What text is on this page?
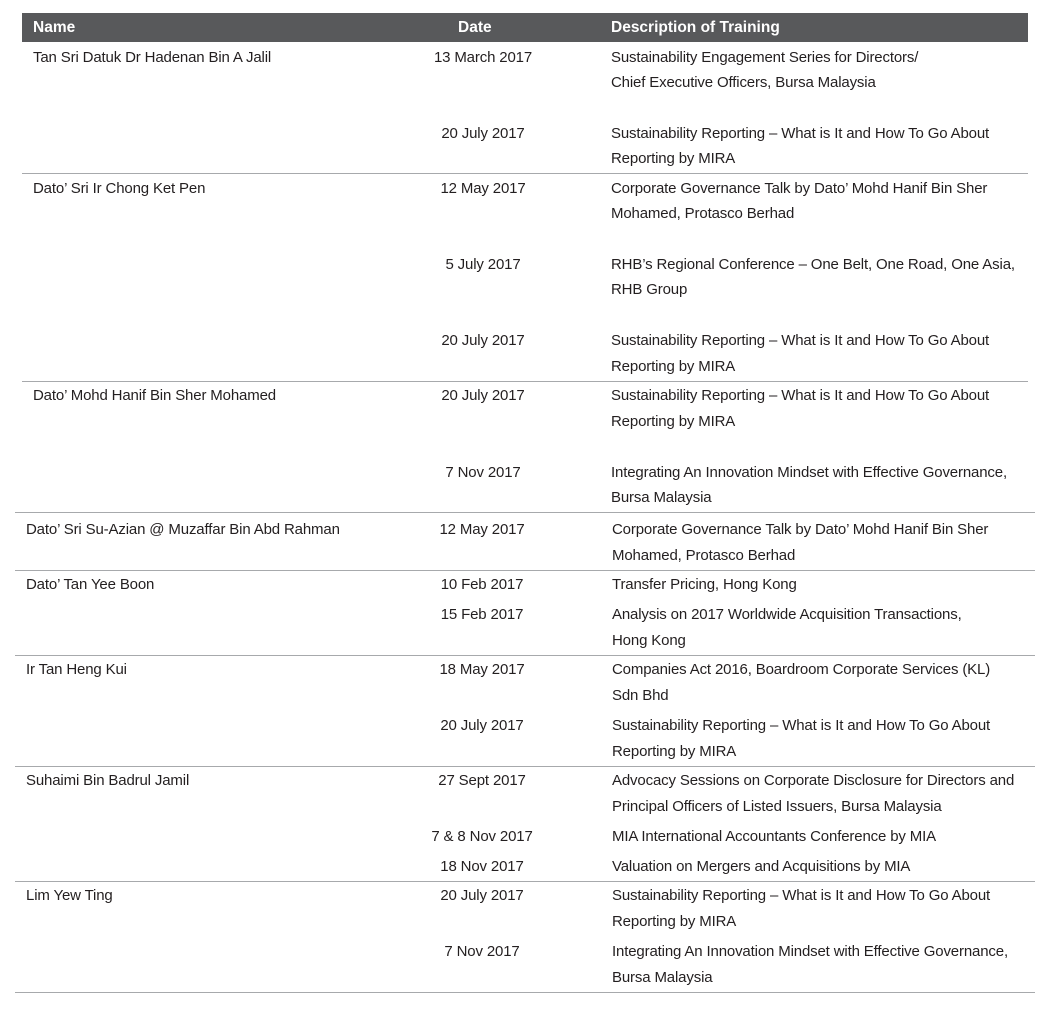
Name	Date	Description of Training
Tan Sri Datuk Dr Hadenan Bin A Jalil	13 March 2017	Sustainability Engagement Series for Directors/
Chief Executive Officers, Bursa Malaysia
20 July 2017	Sustainability Reporting – What is It and How To Go About
Reporting by MIRA
Dato’ Sri Ir Chong Ket Pen	12 May 2017	Corporate Governance Talk by Dato’ Mohd Hanif Bin Sher
Mohamed, Protasco Berhad
5 July 2017	RHB’s Regional Conference – One Belt, One Road, One Asia,
RHB Group
20 July 2017	Sustainability Reporting – What is It and How To Go About
Reporting by MIRA
Dato’ Mohd Hanif Bin Sher Mohamed	20 July 2017	Sustainability Reporting – What is It and How To Go About
Reporting by MIRA
7 Nov 2017	Integrating An Innovation Mindset with Effective Governance,
Bursa Malaysia
Dato’ Sri Su-Azian @ Muzaffar Bin Abd Rahman	12 May 2017	Corporate Governance Talk by Dato’ Mohd Hanif Bin Sher
Mohamed, Protasco Berhad
Dato’ Tan Yee Boon	10 Feb 2017	Transfer Pricing, Hong Kong
15 Feb 2017	Analysis on 2017 Worldwide Acquisition Transactions,
Hong Kong
Ir Tan Heng Kui	18 May 2017	Companies Act 2016, Boardroom Corporate Services (KL)
Sdn Bhd
20 July 2017	Sustainability Reporting – What is It and How To Go About
Reporting by MIRA
Suhaimi Bin Badrul Jamil	27 Sept 2017	Advocacy Sessions on Corporate Disclosure for Directors and
Principal Officers of Listed Issuers, Bursa Malaysia
7 & 8 Nov 2017	MIA International Accountants Conference by MIA
18 Nov 2017	Valuation on Mergers and Acquisitions by MIA
Lim Yew Ting	20 July 2017	Sustainability Reporting – What is It and How To Go About
Reporting by MIRA
7 Nov 2017	Integrating An Innovation Mindset with Effective Governance,
Bursa Malaysia
